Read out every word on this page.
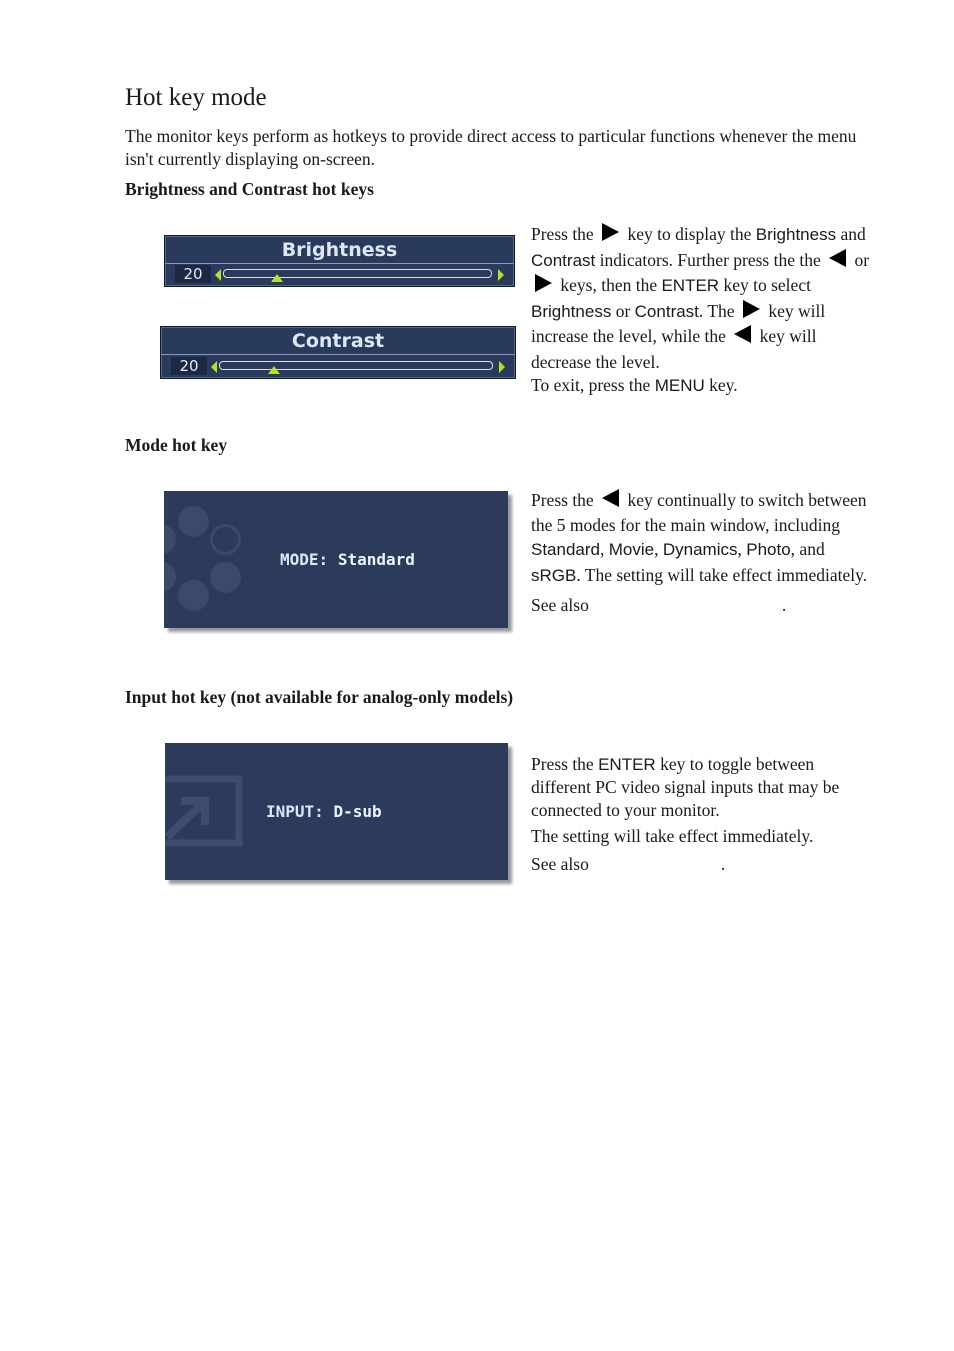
Hot key mode

The monitor keys perform as hotkeys to provide direct access to particular functions whenever the menu isn't currently displaying on-screen.

Brightness and Contrast hot keys
Brightness
20
Contrast
20

Press the key to display the Brightness and Contrast indicators. Further press the the or  keys, then the ENTER key to select Brightness or Contrast. The key will increase the level, while the key will decrease the level.

To exit, press the MENU key.

Mode hot key
MODE: Standard

Press the key continually to switch between the 5 modes for the main window, including Standard, Movie, Dynamics, Photo, and sRGB. The setting will take effect immediately.

See also	.

Input hot key (not available for analog-only models)
INPUT: D-sub

Press the ENTER key to toggle between different PC video signal inputs that may be connected to your monitor.

The setting will take effect immediately.

See also	.
